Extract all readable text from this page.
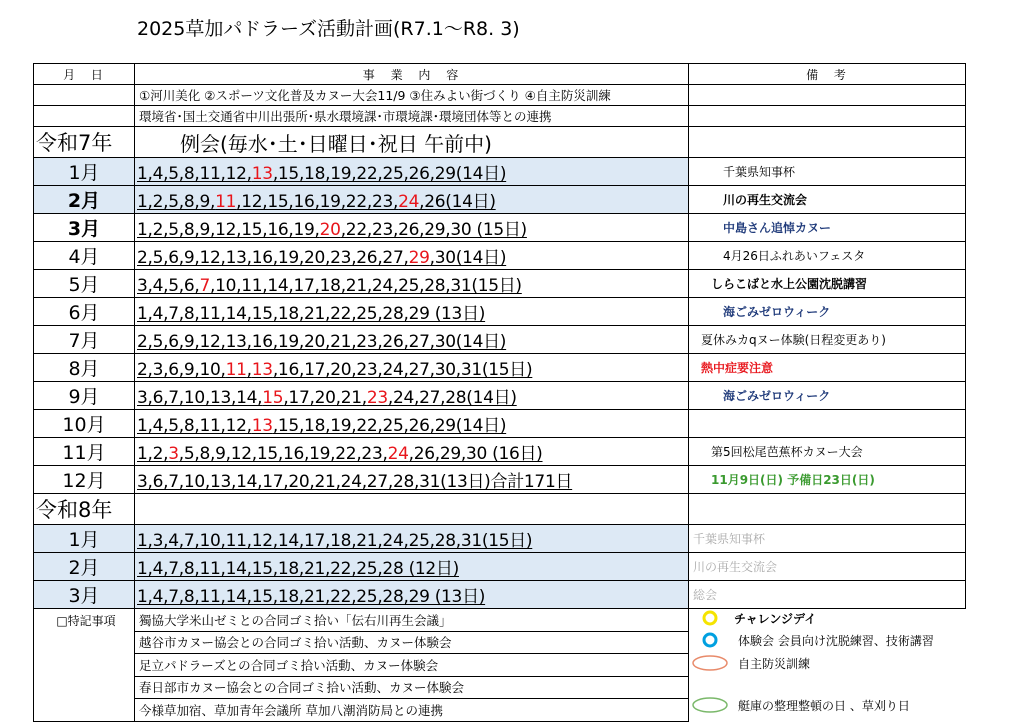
2025草加パドラーズ活動計画(R7.1〜R8. 3)
月 日	事 業 内 容	備 考
	①河川美化 ②スポーツ文化普及カヌー大会11/9 ③住みよい街づくり ④自主防災訓練	
	環境省･国土交通省中川出張所･県水環境課･市環境課･環境団体等との連携	
令和7年	例会(毎水･土･日曜日･祝日 午前中)	
1月	1,4,5,8,11,12,13,15,18,19,22,25,26,29(14日)	千葉県知事杯
2月	1,2,5,8,9,11,12,15,16,19,22,23,24,26(14日)	川の再生交流会
3月	1,2,5,8,9,12,15,16,19,20,22,23,26,29,30 (15日)	中島さん追悼カヌー
4月	2,5,6,9,12,13,16,19,20,23,26,27,29,30(14日)	4月26日ふれあいフェスタ
5月	3,4,5,6,7,10,11,14,17,18,21,24,25,28,31(15日)	しらこばと水上公園沈脱講習
6月	1,4,7,8,11,14,15,18,21,22,25,28,29 (13日)	海ごみゼロウィーク
7月	2,5,6,9,12,13,16,19,20,21,23,26,27,30(14日)	夏休みカqヌー体験(日程変更あり)
8月	2,3,6,9,10,11,13,16,17,20,23,24,27,30,31(15日)	熱中症要注意
9月	3,6,7,10,13,14,15,17,20,21,23,24,27,28(14日)	海ごみゼロウィーク
10月	1,4,5,8,11,12,13,15,18,19,22,25,26,29(14日)	
11月	1,2,3,5,8,9,12,15,16,19,22,23,24,26,29,30 (16日)	第5回松尾芭蕉杯カヌー大会
12月	3,6,7,10,13,14,17,20,21,24,27,28,31(13日)合計171日	11月9日(日) 予備日23日(日)
令和8年		
1月	1,3,4,7,10,11,12,14,17,18,21,24,25,28,31(15日)	千葉県知事杯
2月	1,4,7,8,11,14,15,18,21,22,25,28 (12日)	川の再生交流会
3月	1,4,7,8,11,14,15,18,21,22,25,28,29 (13日)	総会
□特記事項	獨協大学米山ゼミとの合同ゴミ拾い「伝右川再生会議」	
	越谷市カヌー協会との合同ゴミ拾い活動、カヌー体験会	
	足立パドラーズとの合同ゴミ拾い活動、カヌー体験会	
	春日部市カヌー協会との合同ゴミ拾い活動、カヌー体験会	
	今様草加宿、草加青年会議所 草加八潮消防局との連携	
チャレンジデイ
体験会 会員向け沈脱練習、技術講習
自主防災訓練
艇庫の整理整頓の日 、草刈り日
